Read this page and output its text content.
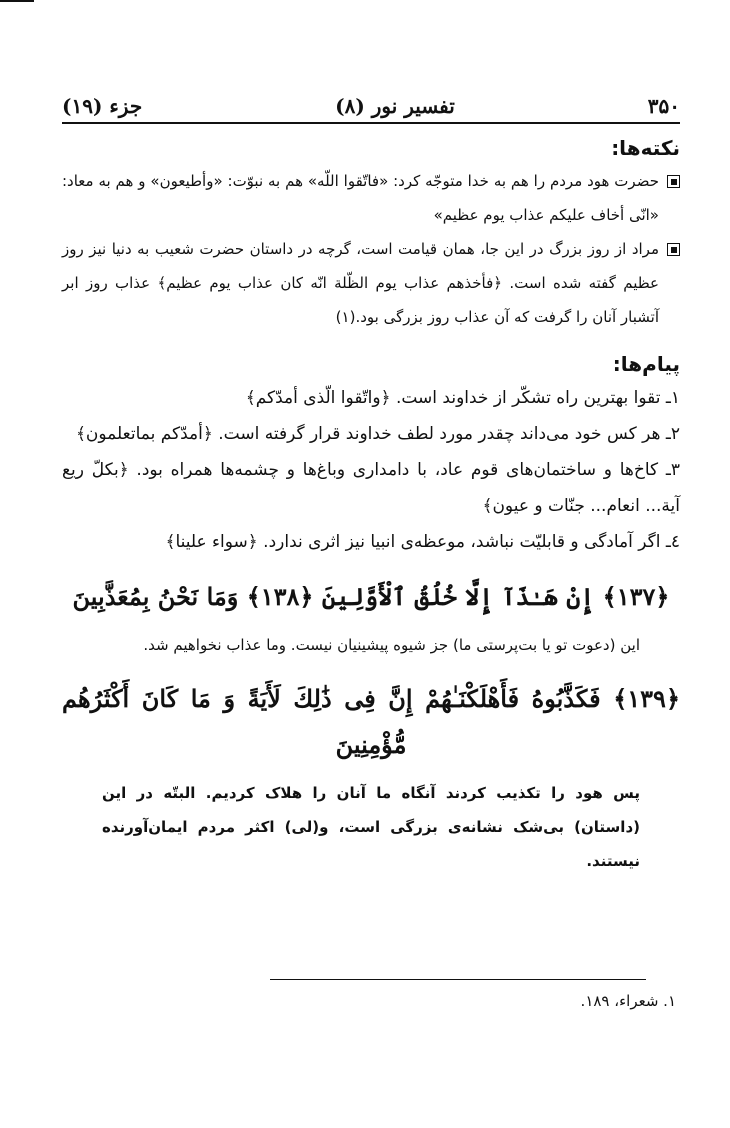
۳۵۰
تفسیر نور (۸)
جزء (۱۹)
نکته‌ها:
حضرت هود مردم را هم به خدا متوجّه کرد: «فاتّقوا اللّه» هم به نبوّت: «وأطیعون» و هم به معاد: «انّی أخاف علیکم عذاب یوم عظیم»
مراد از روز بزرگ در این جا، همان قیامت است، گرچه در داستان حضرت شعیب به دنیا نیز روز عظیم گفته شده است. ﴿فأخذهم عذاب یوم الظّلة انّه کان عذاب یوم عظیم﴾ عذاب روز ابر آتشبار آنان را گرفت که آن عذاب روز بزرگی بود.(۱)
پیام‌ها:

۱ـ تقوا بهترین راه تشکّر از خداوند است. ﴿واتّقوا الّذی أمدّکم﴾

۲ـ هر کس خود می‌داند چقدر مورد لطف خداوند قرار گرفته است. ﴿أمدّکم بماتعلمون﴾

۳ـ کاخ‌ها و ساختمان‌های قوم عاد، با دامداری وباغ‌ها و چشمه‌ها همراه بود. ﴿بکلّ ریع آیة... انعام... جنّات و عیون﴾

٤ـ اگر آمادگی و قابلیّت نباشد، موعظه‌ی انبیا نیز اثری ندارد. ﴿سواء علینا﴾

﴿۱۳۷﴾ إِنْ هَـٰذَآ إِلَّا خُلُقُ ٱلْأَوَّلِينَ ﴿۱۳۸﴾ وَمَا نَحْنُ بِمُعَذَّبِينَ
این (دعوت تو یا بت‌پرستی ما) جز شیوه پیشینیان نیست. وما عذاب نخواهیم شد.
﴿۱۳۹﴾ فَكَذَّبُوهُ فَأَهْلَكْنَـٰهُمْ إِنَّ فِى ذَٰلِكَ لَأَيَةً وَ مَا كَانَ أَكْثَرُهُم مُّؤْمِنِينَ
پس هود را تکذیب کردند آنگاه ما آنان را هلاک کردیم. البتّه در این (داستان) بی‌شک نشانه‌ی بزرگی است، و(لی) اکثر مردم ایمان‌آورنده نیستند.
۱. شعراء، ۱۸۹.
